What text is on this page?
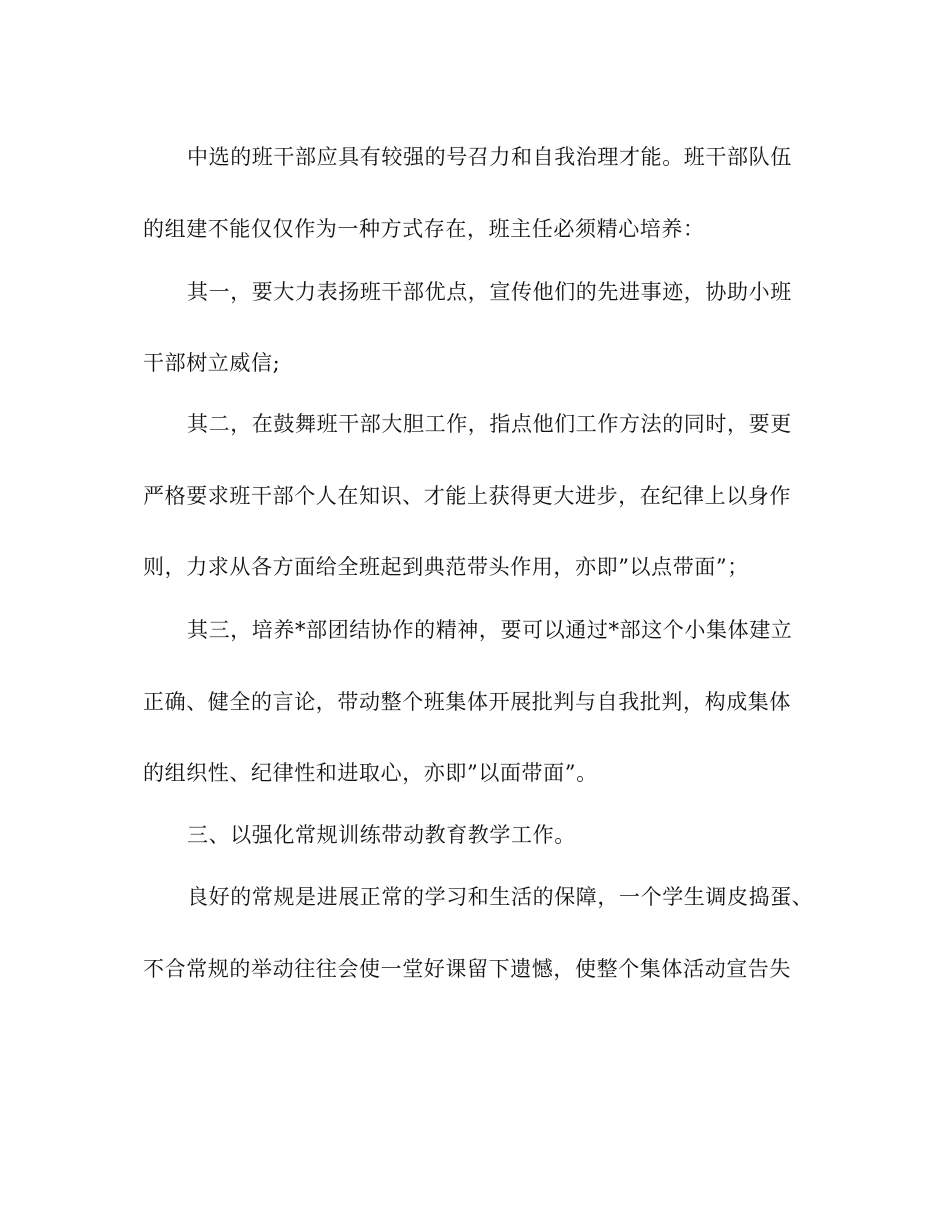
中选的班干部应具有较强的号召力和自我治理才能。班干部队伍
的组建不能仅仅作为一种方式存在，班主任必须精心培养：
其一，要大力表扬班干部优点，宣传他们的先进事迹，协助小班
干部树立威信;
其二，在鼓舞班干部大胆工作，指点他们工作方法的同时，要更
严格要求班干部个人在知识、才能上获得更大进步，在纪律上以身作
则，力求从各方面给全班起到典范带头作用，亦即”以点带面”；
其三，培养*部团结协作的精神，要可以通过*部这个小集体建立
正确、健全的言论，带动整个班集体开展批判与自我批判，构成集体
的组织性、纪律性和进取心，亦即”以面带面”。
三、以强化常规训练带动教育教学工作。
良好的常规是进展正常的学习和生活的保障，一个学生调皮捣蛋、
不合常规的举动往往会使一堂好课留下遗憾，使整个集体活动宣告失
